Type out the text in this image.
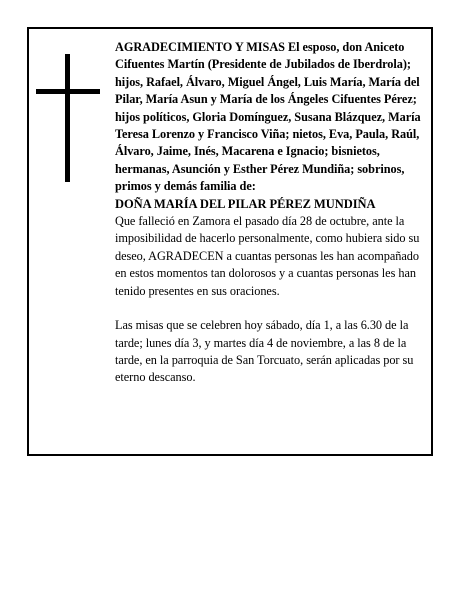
AGRADECIMIENTO Y MISAS El esposo, don Aniceto Cifuentes Martín (Presidente de Jubilados de Iberdrola); hijos, Rafael, Álvaro, Miguel Ángel, Luis María, María del Pilar, María Asun y María de los Ángeles Cifuentes Pérez; hijos políticos, Gloria Domínguez, Susana Blázquez, María Teresa Lorenzo y Francisco Viña; nietos, Eva, Paula, Raúl, Álvaro, Jaime, Inés, Macarena e Ignacio; bisnietos, hermanas, Asunción y Esther Pérez Mundiña; sobrinos, primos y demás familia de:

DOÑA MARÍA DEL PILAR PÉREZ MUNDIÑA

Que falleció en Zamora el pasado día 28 de octubre, ante la imposibilidad de hacerlo personalmente, como hubiera sido su deseo, AGRADECEN a cuantas personas les han acompañado en estos momentos tan dolorosos y a cuantas personas les han tenido presentes en sus oraciones.

Las misas que se celebren hoy sábado, día 1, a las 6.30 de la tarde; lunes día 3, y martes día 4 de noviembre, a las 8 de la tarde, en la parroquia de San Torcuato, serán aplicadas por su eterno descanso.
